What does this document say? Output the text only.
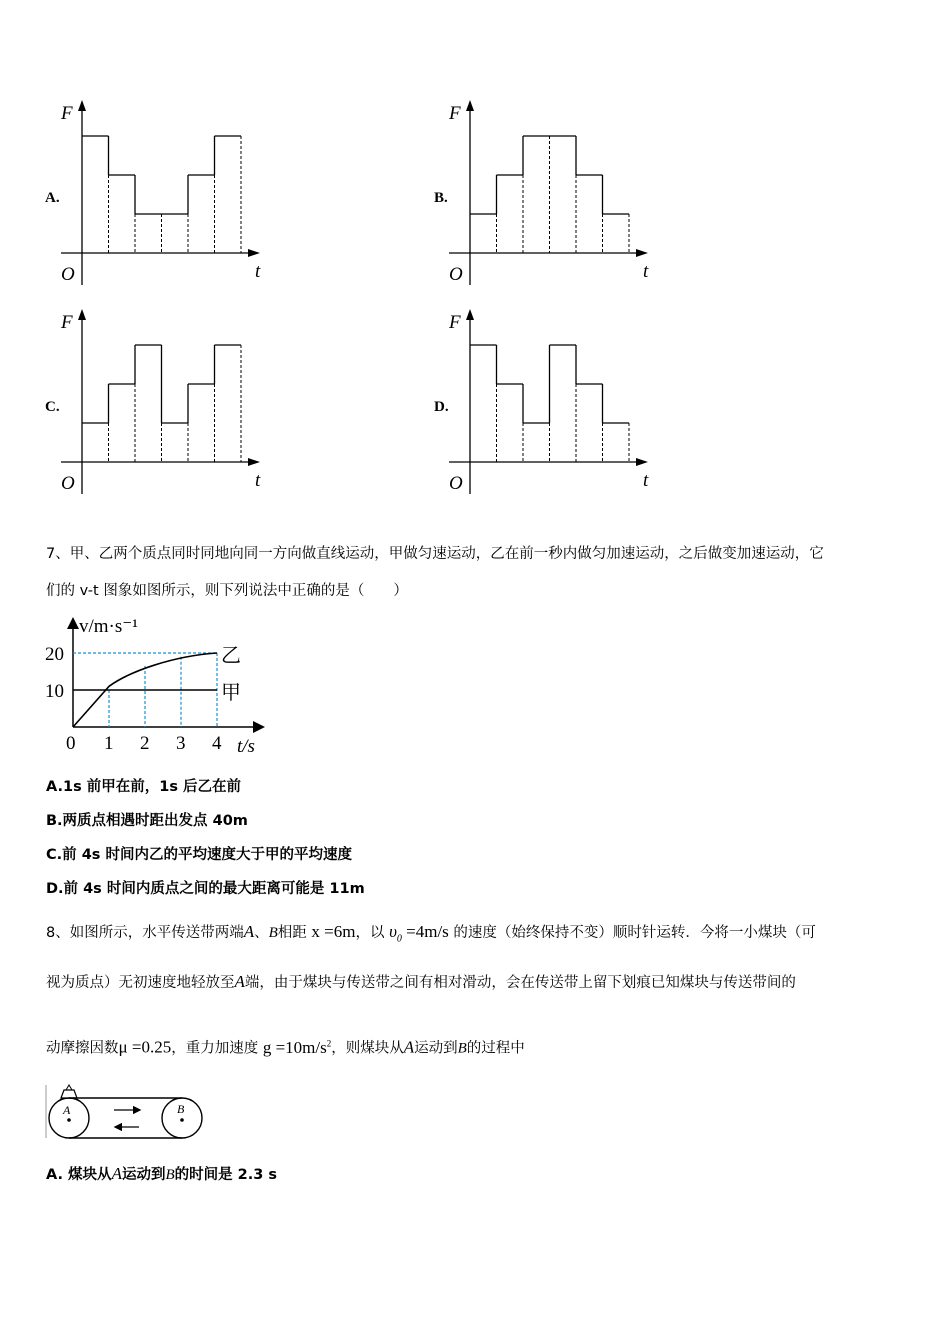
A.	B.
C.	D.
F
t
O
F
t
O
F
t
O
F
t
O
7、甲、乙两个质点同时同地向同一方向做直线运动，甲做匀速运动，乙在前一秒内做匀加速运动，之后做变加速运动，它
们的 v-t 图象如图所示，则下列说法中正确的是（　　）
0 1 2 3 4
10
20	乙
甲
v/m·s⁻¹
t/s
A.1s 前甲在前，1s 后乙在前
B.两质点相遇时距出发点 40m
C.前 4s 时间内乙的平均速度大于甲的平均速度
D.前 4s 时间内质点之间的最大距离可能是 11m
8、如图所示，水平传送带两端A、B相距 x =6m，以 $\upsilon_0 =4m/s$ 的速度（始终保持不变）顺时针运转．今将一小煤块（可
视为质点）无初速度地轻放至A端，由于煤块与传送带之间有相对滑动，会在传送带上留下划痕已知煤块与传送带间的
动摩擦因数μ =0.25，重力加速度 $g =10m/s^2$，则煤块从A运动到B的过程中
A	B
A. 煤块从A运动到B的时间是 2.3 s
